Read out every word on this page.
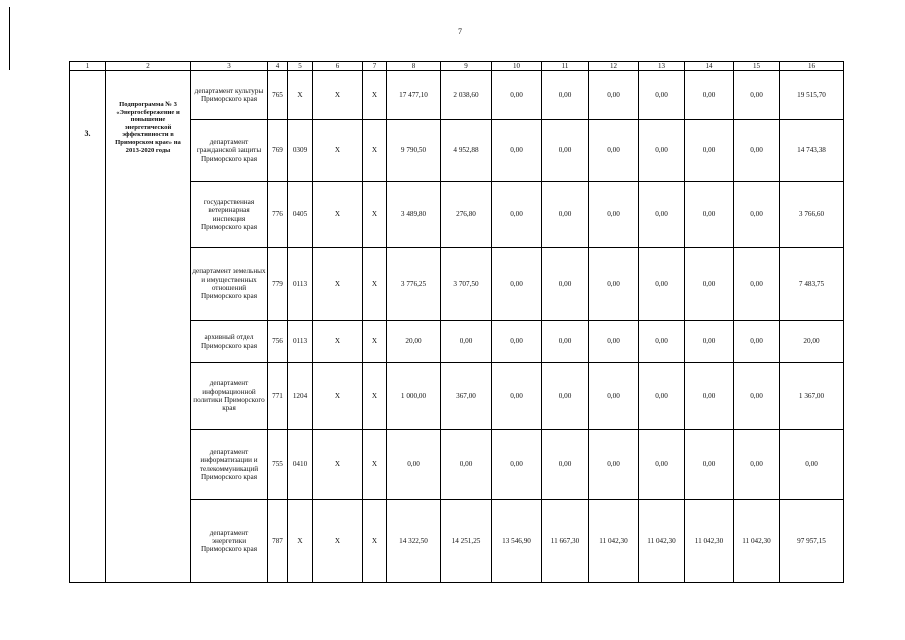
7
1	2	3	4	5	6	7	8	9	10	11	12	13	14	15	16
3.	Подпрограмма № 3 «Энергосбережение и повышение энергетической эффективности в Приморском крае» на 2013-2020 годы	департамент культуры Приморского края	765	Х	Х	Х	17 477,10	2 038,60	0,00	0,00	0,00	0,00	0,00	0,00	19 515,70
		департамент гражданской защиты Приморского края	769	0309	Х	Х	9 790,50	4 952,88	0,00	0,00	0,00	0,00	0,00	0,00	14 743,38
		государственная ветеринарная инспекция Приморского края	776	0405	Х	Х	3 489,80	276,80	0,00	0,00	0,00	0,00	0,00	0,00	3 766,60
		департамент земельных и имущественных отношений Приморского края	779	0113	Х	Х	3 776,25	3 707,50	0,00	0,00	0,00	0,00	0,00	0,00	7 483,75
		архивный отдел Приморского края	756	0113	Х	Х	20,00	0,00	0,00	0,00	0,00	0,00	0,00	0,00	20,00
		департамент информационной политики Приморского края	771	1204	Х	Х	1 000,00	367,00	0,00	0,00	0,00	0,00	0,00	0,00	1 367,00
		департамент информатизации и телекоммуникаций Приморского края	755	0410	Х	Х	0,00	0,00	0,00	0,00	0,00	0,00	0,00	0,00	0,00
		департамент энергетики Приморского края	787	Х	Х	Х	14 322,50	14 251,25	13 546,90	11 667,30	11 042,30	11 042,30	11 042,30	11 042,30	97 957,15
